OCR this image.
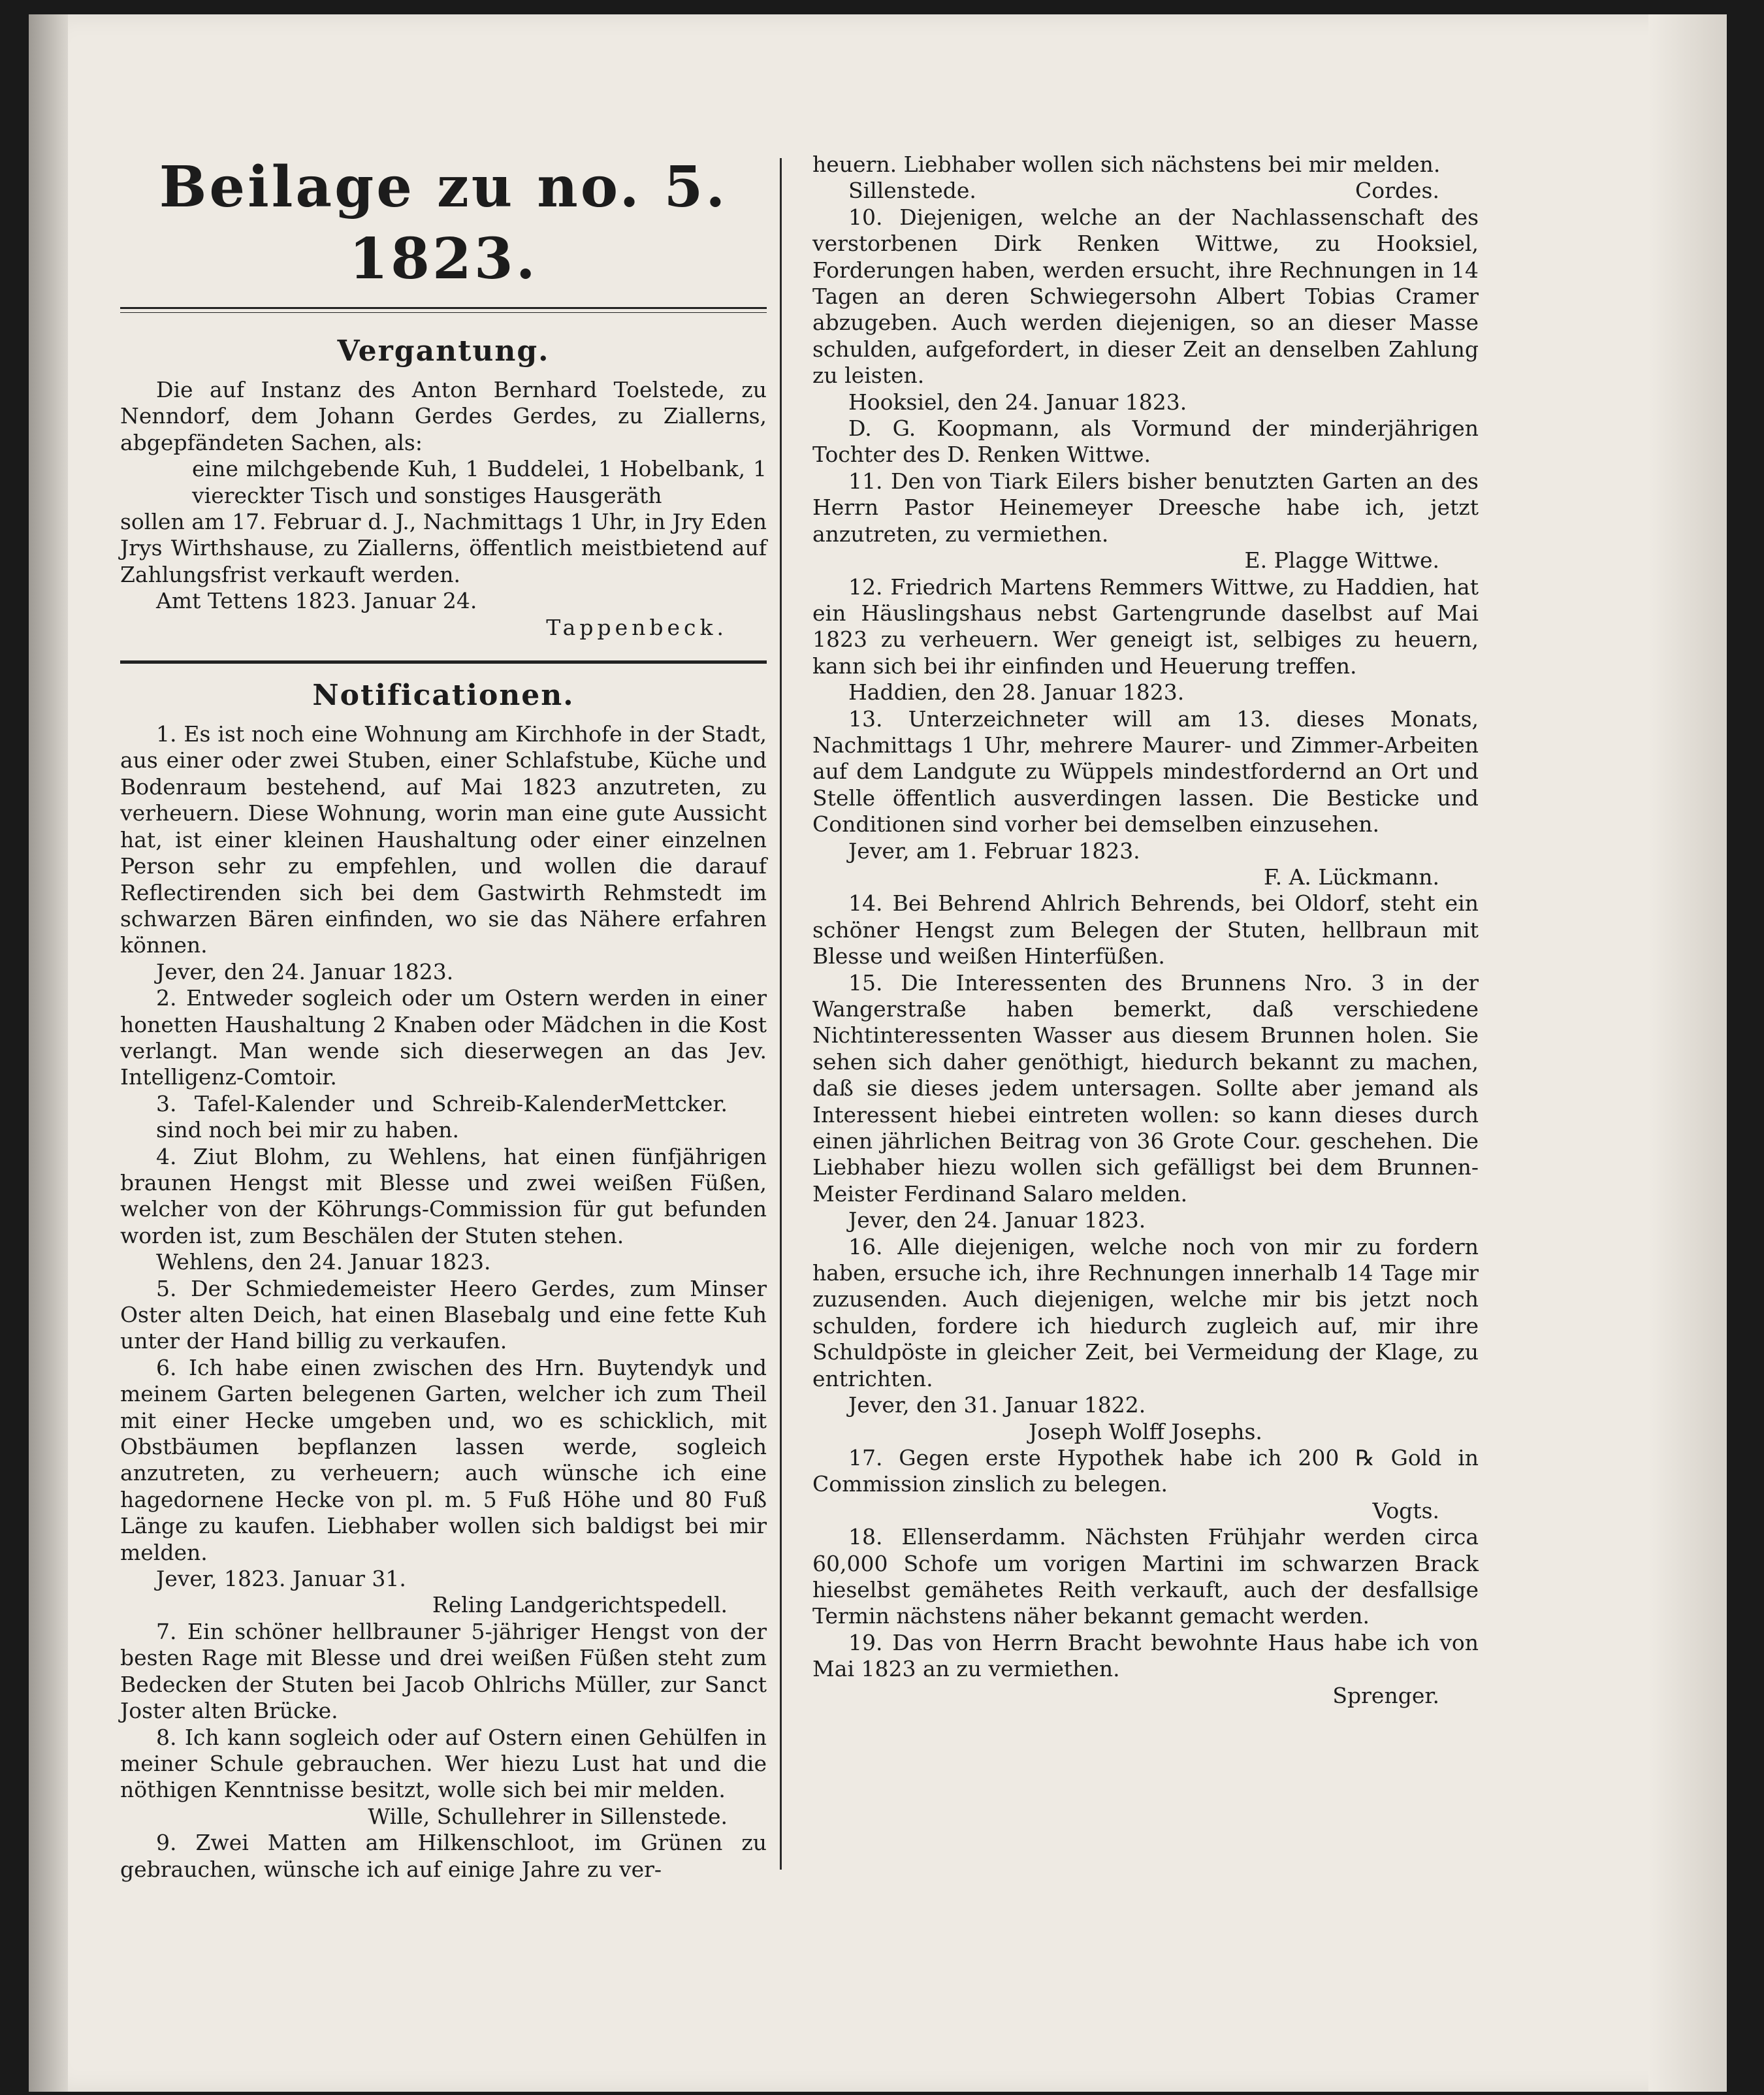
Beilage zu no. 5. 1823.
Vergantung.
Die auf Instanz des Anton Bernhard Toelstede, zu Nenndorf, dem Johann Gerdes Gerdes, zu Ziallerns, abgepfändeten Sachen, als:
eine milchgebende Kuh, 1 Buddelei, 1 Hobelbank, 1 viereckter Tisch und sonstiges Hausgeräth
sollen am 17. Februar d. J., Nachmittags 1 Uhr, in Jry Eden Jrys Wirthshause, zu Ziallerns, öffentlich meistbietend auf Zahlungsfrist verkauft werden.
Amt Tettens 1823. Januar 24.
Tappenbeck.
Notificationen.
1. Es ist noch eine Wohnung am Kirchhofe in der Stadt, aus einer oder zwei Stuben, einer Schlafstube, Küche und Bodenraum bestehend, auf Mai 1823 anzutreten, zu verheuern. Diese Wohnung, worin man eine gute Aussicht hat, ist einer kleinen Haushaltung oder einer einzelnen Person sehr zu empfehlen, und wollen die darauf Reflectirenden sich bei dem Gastwirth Rehmstedt im schwarzen Bären einfinden, wo sie das Nähere erfahren können.
Jever, den 24. Januar 1823.
2. Entweder sogleich oder um Ostern werden in einer honetten Haushaltung 2 Knaben oder Mädchen in die Kost verlangt. Man wende sich dieserwegen an das Jev. Intelligenz-Comtoir.
3. Tafel-Kalender und Schreib-Kalender sind noch bei mir zu haben.
Mettcker.
4. Ziut Blohm, zu Wehlens, hat einen fünfjährigen braunen Hengst mit Blesse und zwei weißen Füßen, welcher von der Köhrungs-Commission für gut befunden worden ist, zum Beschälen der Stuten stehen.
Wehlens, den 24. Januar 1823.
5. Der Schmiedemeister Heero Gerdes, zum Minser Oster alten Deich, hat einen Blasebalg und eine fette Kuh unter der Hand billig zu verkaufen.
6. Ich habe einen zwischen des Hrn. Buytendyk und meinem Garten belegenen Garten, welcher ich zum Theil mit einer Hecke umgeben und, wo es schicklich, mit Obstbäumen bepflanzen lassen werde, sogleich anzutreten, zu verheuern; auch wünsche ich eine hagedornene Hecke von pl. m. 5 Fuß Höhe und 80 Fuß Länge zu kaufen. Liebhaber wollen sich baldigst bei mir melden.
Jever, 1823. Januar 31.
Reling Landgerichtspedell.
7. Ein schöner hellbrauner 5-jähriger Hengst von der besten Rage mit Blesse und drei weißen Füßen steht zum Bedecken der Stuten bei Jacob Ohlrichs Müller, zur Sanct Joster alten Brücke.
8. Ich kann sogleich oder auf Ostern einen Gehülfen in meiner Schule gebrauchen. Wer hiezu Lust hat und die nöthigen Kenntnisse besitzt, wolle sich bei mir melden.
Wille, Schullehrer in Sillenstede.
9. Zwei Matten am Hilkenschloot, im Grünen zu gebrauchen, wünsche ich auf einige Jahre zu ver-
heuern. Liebhaber wollen sich nächstens bei mir melden.
Sillenstede.	Cordes.
10. Diejenigen, welche an der Nachlassenschaft des verstorbenen Dirk Renken Wittwe, zu Hooksiel, Forderungen haben, werden ersucht, ihre Rechnungen in 14 Tagen an deren Schwiegersohn Albert Tobias Cramer abzugeben. Auch werden diejenigen, so an dieser Masse schulden, aufgefordert, in dieser Zeit an denselben Zahlung zu leisten.
Hooksiel, den 24. Januar 1823.
D. G. Koopmann, als Vormund der minderjährigen Tochter des D. Renken Wittwe.
11. Den von Tiark Eilers bisher benutzten Garten an des Herrn Pastor Heinemeyer Dreesche habe ich, jetzt anzutreten, zu vermiethen.
E. Plagge Wittwe.
12. Friedrich Martens Remmers Wittwe, zu Haddien, hat ein Häuslingshaus nebst Gartengrunde daselbst auf Mai 1823 zu verheuern. Wer geneigt ist, selbiges zu heuern, kann sich bei ihr einfinden und Heuerung treffen.
Haddien, den 28. Januar 1823.
13. Unterzeichneter will am 13. dieses Monats, Nachmittags 1 Uhr, mehrere Maurer- und Zimmer-Arbeiten auf dem Landgute zu Wüppels mindestfordernd an Ort und Stelle öffentlich ausverdingen lassen. Die Besticke und Conditionen sind vorher bei demselben einzusehen.
Jever, am 1. Februar 1823.
F. A. Lückmann.
14. Bei Behrend Ahlrich Behrends, bei Oldorf, steht ein schöner Hengst zum Belegen der Stuten, hellbraun mit Blesse und weißen Hinterfüßen.
15. Die Interessenten des Brunnens Nro. 3 in der Wangerstraße haben bemerkt, daß verschiedene Nichtinteressenten Wasser aus diesem Brunnen holen. Sie sehen sich daher genöthigt, hiedurch bekannt zu machen, daß sie dieses jedem untersagen. Sollte aber jemand als Interessent hiebei eintreten wollen: so kann dieses durch einen jährlichen Beitrag von 36 Grote Cour. geschehen. Die Liebhaber hiezu wollen sich gefälligst bei dem Brunnen-Meister Ferdinand Salaro melden.
Jever, den 24. Januar 1823.
16. Alle diejenigen, welche noch von mir zu fordern haben, ersuche ich, ihre Rechnungen innerhalb 14 Tage mir zuzusenden. Auch diejenigen, welche mir bis jetzt noch schulden, fordere ich hiedurch zugleich auf, mir ihre Schuldpöste in gleicher Zeit, bei Vermeidung der Klage, zu entrichten.
Jever, den 31. Januar 1822.
Joseph Wolff Josephs.
17. Gegen erste Hypothek habe ich 200 ℞ Gold in Commission zinslich zu belegen.
Vogts.
18. Ellenserdamm. Nächsten Frühjahr werden circa 60,000 Schofe um vorigen Martini im schwarzen Brack hieselbst gemähetes Reith verkauft, auch der desfallsige Termin nächstens näher bekannt gemacht werden.
19. Das von Herrn Bracht bewohnte Haus habe ich von Mai 1823 an zu vermiethen.
Sprenger.
